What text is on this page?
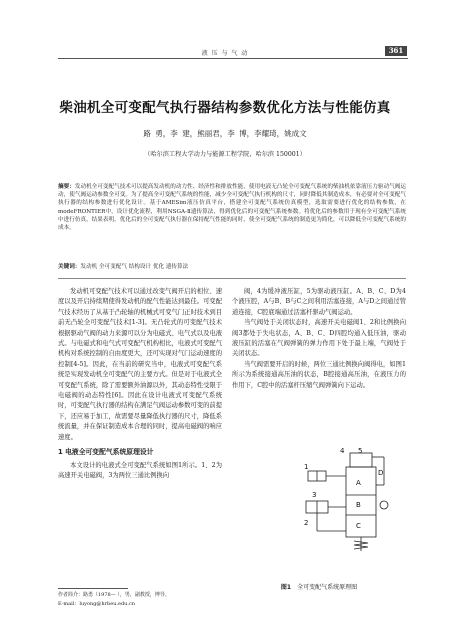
液 压 与 气 动	361
柴油机全可变配气执行器结构参数优化方法与性能仿真
路 勇，李 建，熊丽君，李 博，李耀琦，姚成文
（哈尔滨工程大学动力与能源工程学院，哈尔滨 150001）
摘要：发动机全可变配气技术可以提高发动机的动力性、经济性和排放性能，使用电液无凸轮全可变配气系统的柴油机依靠液压力驱动气阀运动，使气阀运动参数全可变。为了提高全可变配气系统的性能，减少全可变配气执行机构的尺寸，同时降低其制造成本，有必要对全可变配气执行器的结构参数进行优化设计。基于AMESim液压仿真平台，搭建全可变配气系统仿真模型，选取需要进行优化的结构参数，在modeFRONTIER中，设计优化流程，利用NSGA-Ⅱ遗传算法，得到优化后的可变配气系统参数。将优化后的参数用于现有全可变配气系统中进行仿真，结果表明，优化后的全可变配气执行器在保持配气性能的同时，使全可变配气系统的制造更为简化，可以降低全可变配气系统的成本。
关键词：发动机 全可变配气 结构设计 优化 遗传算法

发动机可变配气技术可以通过改变气阀开启的相位、速度以及开启持续期使得发动机的配气性能达到最佳。可变配气技术经历了从基于凸轮轴的机械式可变气门正时技术到目前无凸轮全可变配气技术[1-3]。无凸轮式的可变配气技术根据驱动气阀的动力来源可以分为电磁式、电气式以及电液式。与电磁式和电气式可变配气机构相比，电液式可变配气机构对系统控制的自由度更大，还可实现对气门运动速度的控制[4-5]。因此，在当前的研究当中，电液式可变配气系统是实现发动机全可变配气的主要方式。但是对于电液式全可变配气系统，除了需要额外油源以外，其动态特性受限于电磁阀的动态特性[6]。因此在设计电液式可变配气系统时，可变配气执行器的结构在满足气阀运动参数可变的前提下，还应易于加工，故需要尽量降低执行器的尺寸，降低系统流量，并在保证制造成本合理的同时，提高电磁阀的响应速度。

1 电液全可变配气系统原理设计

本文设计的电液式全可变配气系统如图1所示。1、2为高速开关电磁阀，3为两位三通比例换向

阀，4为缓冲液压缸，5为驱动液压缸。A、B、C、D为4个液压腔，A与B、B与C之间利用活塞连接，A与D之间通过管道连接，C腔底端通过活塞杆驱动气阀运动。

当气阀处于关闭状态时，高速开关电磁阀1、2和比例换向阀3都处于失电状态，A、B、C、D四腔均通入低压油，驱动液压缸的活塞在气阀弹簧的弹力作用下处于最上端，气阀处于关闭状态。

当气阀需要开启的时候，两位三通比例换向阀得电，如图1所示为系统接通高压油的状态，B腔接通高压油，在液压力的作用下，C腔中的活塞杆压缩气阀弹簧向下运动。

4 5
1
3
2
A
B
C
D
图1 全可变配气系统原理图
作者简介：路勇（1978— ），男，副教授，博导。
E-mail：luyong@hrbeu.edu.cn
